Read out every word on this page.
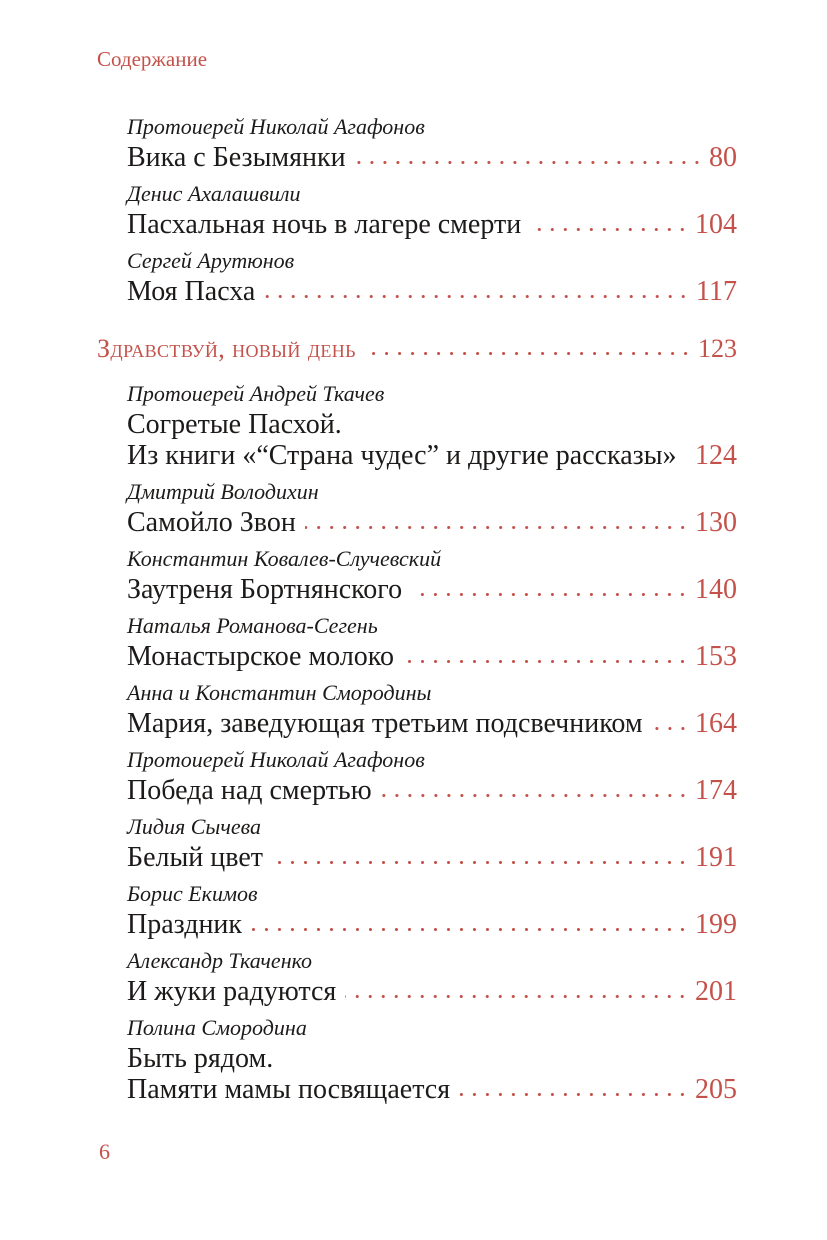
Содержание
Протоиерей Николай Агафонов
Вика с Безымянки	80
Денис Ахалашвили
Пасхальная ночь в лагере смерти	104
Сергей Арутюнов
Моя Пасха	117
Здравствуй, новый день	123
Протоиерей Андрей Ткачев
Согретые Пасхой.
Из книги «“Страна чудес” и другие рассказы» 124
Дмитрий Володихин
Самойло Звон	130
Константин Ковалев-Случевский
Заутреня Бортнянского	140
Наталья Романова-Сегень
Монастырское молоко	153
Анна и Константин Смородины
Мария, заведующая третьим подсвечником 164
Протоиерей Николай Агафонов
Победа над смертью	174
Лидия Сычева
Белый цвет	191
Борис Екимов
Праздник	199
Александр Ткаченко
И жуки радуются	201
Полина Смородина
Быть рядом.
Памяти мамы посвящается	205
6
